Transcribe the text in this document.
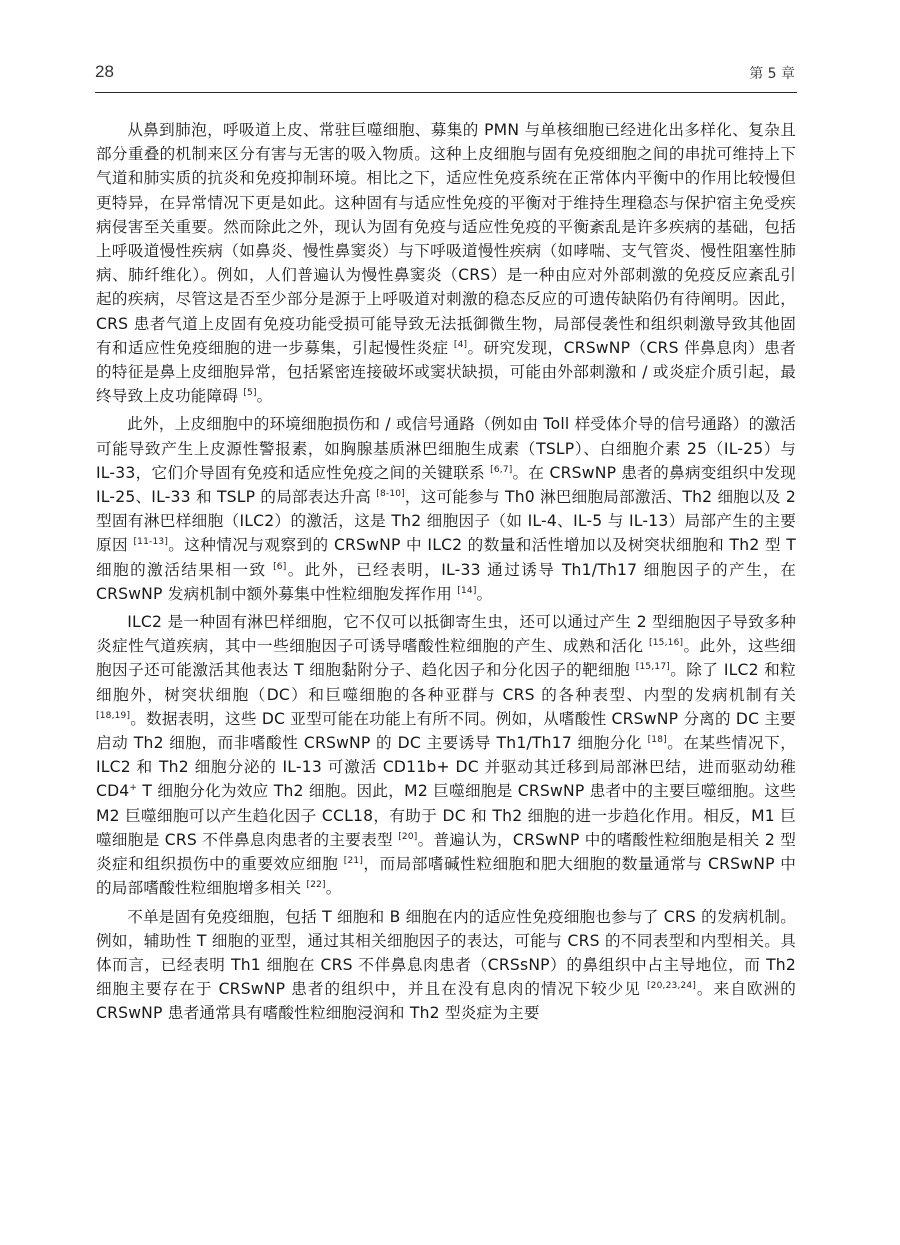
28	第 5 章

从鼻到肺泡，呼吸道上皮、常驻巨噬细胞、募集的 PMN 与单核细胞已经进化出多样化、复杂且部分重叠的机制来区分有害与无害的吸入物质。这种上皮细胞与固有免疫细胞之间的串扰可维持上下气道和肺实质的抗炎和免疫抑制环境。相比之下，适应性免疫系统在正常体内平衡中的作用比较慢但更特异，在异常情况下更是如此。这种固有与适应性免疫的平衡对于维持生理稳态与保护宿主免受疾病侵害至关重要。然而除此之外，现认为固有免疫与适应性免疫的平衡紊乱是许多疾病的基础，包括上呼吸道慢性疾病（如鼻炎、慢性鼻窦炎）与下呼吸道慢性疾病（如哮喘、支气管炎、慢性阻塞性肺病、肺纤维化）。例如，人们普遍认为慢性鼻窦炎（CRS）是一种由应对外部刺激的免疫反应紊乱引起的疾病，尽管这是否至少部分是源于上呼吸道对刺激的稳态反应的可遗传缺陷仍有待阐明。因此，CRS 患者气道上皮固有免疫功能受损可能导致无法抵御微生物，局部侵袭性和组织刺激导致其他固有和适应性免疫细胞的进一步募集，引起慢性炎症 [4]。研究发现，CRSwNP（CRS 伴鼻息肉）患者的特征是鼻上皮细胞异常，包括紧密连接破坏或窦状缺损，可能由外部刺激和 / 或炎症介质引起，最终导致上皮功能障碍 [5]。

此外，上皮细胞中的环境细胞损伤和 / 或信号通路（例如由 Toll 样受体介导的信号通路）的激活可能导致产生上皮源性警报素，如胸腺基质淋巴细胞生成素（TSLP）、白细胞介素 25（IL-25）与 IL-33，它们介导固有免疫和适应性免疫之间的关键联系 [6,7]。在 CRSwNP 患者的鼻病变组织中发现 IL-25、IL-33 和 TSLP 的局部表达升高 [8-10]，这可能参与 Th0 淋巴细胞局部激活、Th2 细胞以及 2 型固有淋巴样细胞（ILC2）的激活，这是 Th2 细胞因子（如 IL-4、IL-5 与 IL-13）局部产生的主要原因 [11-13]。这种情况与观察到的 CRSwNP 中 ILC2 的数量和活性增加以及树突状细胞和 Th2 型 T 细胞的激活结果相一致 [6]。此外，已经表明，IL-33 通过诱导 Th1/Th17 细胞因子的产生，在 CRSwNP 发病机制中额外募集中性粒细胞发挥作用 [14]。

ILC2 是一种固有淋巴样细胞，它不仅可以抵御寄生虫，还可以通过产生 2 型细胞因子导致多种炎症性气道疾病，其中一些细胞因子可诱导嗜酸性粒细胞的产生、成熟和活化 [15,16]。此外，这些细胞因子还可能激活其他表达 T 细胞黏附分子、趋化因子和分化因子的靶细胞 [15,17]。除了 ILC2 和粒细胞外，树突状细胞（DC）和巨噬细胞的各种亚群与 CRS 的各种表型、内型的发病机制有关 [18,19]。数据表明，这些 DC 亚型可能在功能上有所不同。例如，从嗜酸性 CRSwNP 分离的 DC 主要启动 Th2 细胞，而非嗜酸性 CRSwNP 的 DC 主要诱导 Th1/Th17 细胞分化 [18]。在某些情况下，ILC2 和 Th2 细胞分泌的 IL-13 可激活 CD11b+ DC 并驱动其迁移到局部淋巴结，进而驱动幼稚 CD4+ T 细胞分化为效应 Th2 细胞。因此，M2 巨噬细胞是 CRSwNP 患者中的主要巨噬细胞。这些 M2 巨噬细胞可以产生趋化因子 CCL18，有助于 DC 和 Th2 细胞的进一步趋化作用。相反，M1 巨噬细胞是 CRS 不伴鼻息肉患者的主要表型 [20]。普遍认为，CRSwNP 中的嗜酸性粒细胞是相关 2 型炎症和组织损伤中的重要效应细胞 [21]，而局部嗜碱性粒细胞和肥大细胞的数量通常与 CRSwNP 中的局部嗜酸性粒细胞增多相关 [22]。

不单是固有免疫细胞，包括 T 细胞和 B 细胞在内的适应性免疫细胞也参与了 CRS 的发病机制。例如，辅助性 T 细胞的亚型，通过其相关细胞因子的表达，可能与 CRS 的不同表型和内型相关。具体而言，已经表明 Th1 细胞在 CRS 不伴鼻息肉患者（CRSsNP）的鼻组织中占主导地位，而 Th2 细胞主要存在于 CRSwNP 患者的组织中，并且在没有息肉的情况下较少见 [20,23,24]。来自欧洲的 CRSwNP 患者通常具有嗜酸性粒细胞浸润和 Th2 型炎症为主要
